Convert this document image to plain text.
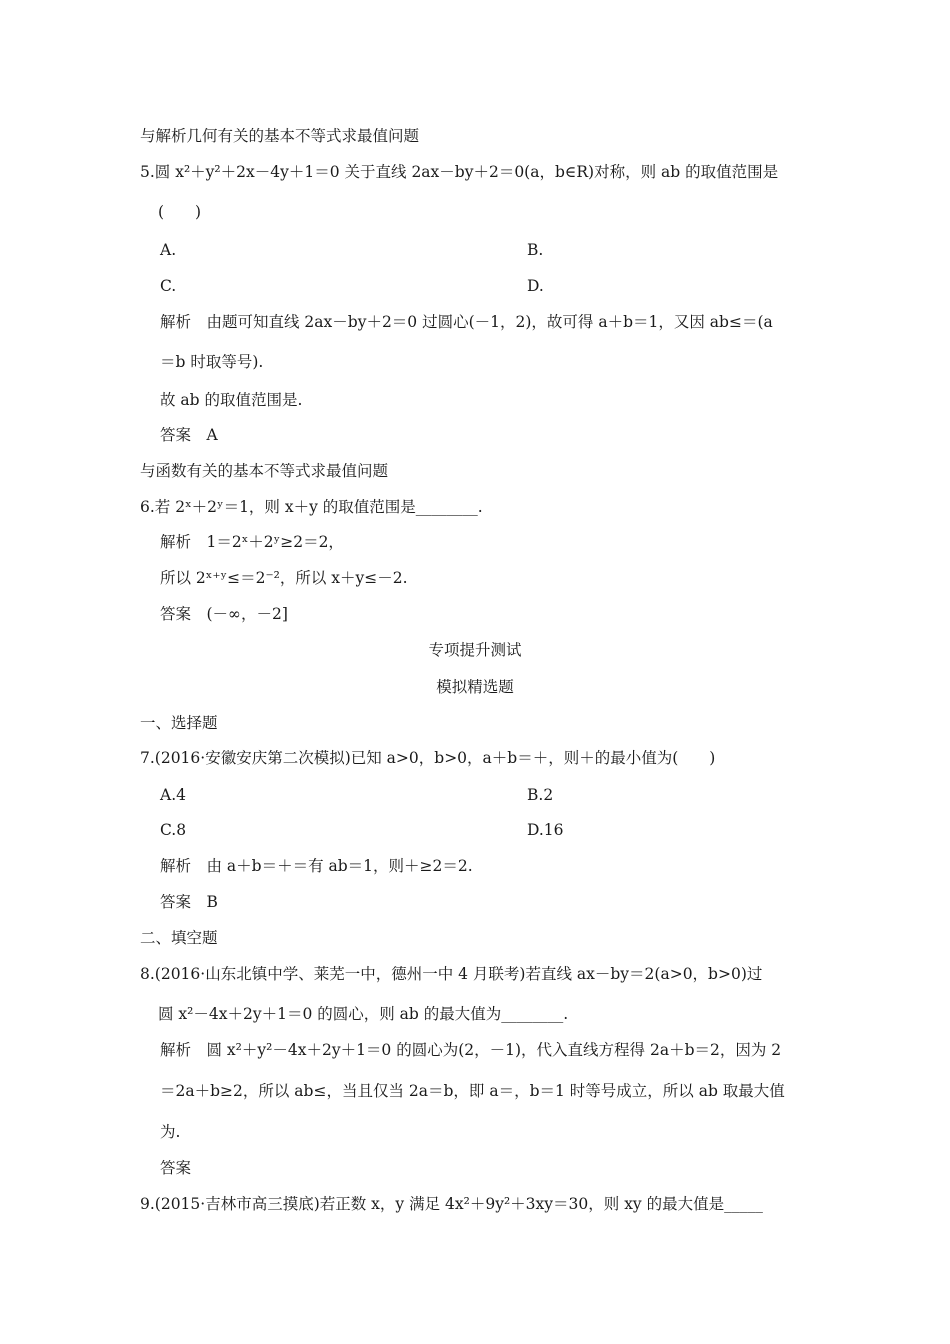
与解析几何有关的基本不等式求最值问题
5.圆 x²＋y²＋2x－4y＋1＝0 关于直线 2ax－by＋2＝0(a，b∈R)对称，则 ab 的取值范围是
(　　)
A.	B.
C.	D.
解析　由题可知直线 2ax－by＋2＝0 过圆心(－1，2)，故可得 a＋b＝1，又因 ab≤＝(a
＝b 时取等号).
故 ab 的取值范围是.
答案　A
与函数有关的基本不等式求最值问题
6.若 2ˣ＋2ʸ＝1，则 x＋y 的取值范围是________.
解析　1＝2ˣ＋2ʸ≥2＝2，
所以 2ˣ⁺ʸ≤＝2⁻²，所以 x＋y≤－2.
答案　(－∞，－2]
专项提升测试
模拟精选题
一、选择题
7.(2016·安徽安庆第二次模拟)已知 a>0，b>0，a＋b＝＋，则＋的最小值为(　　)
A.4	B.2
C.8	D.16
解析　由 a＋b＝＋＝有 ab＝1，则＋≥2＝2.
答案　B
二、填空题
8.(2016·山东北镇中学、莱芜一中，德州一中 4 月联考)若直线 ax－by＝2(a>0，b>0)过
圆 x²－4x＋2y＋1＝0 的圆心，则 ab 的最大值为________.
解析　圆 x²＋y²－4x＋2y＋1＝0 的圆心为(2，－1)，代入直线方程得 2a＋b＝2，因为 2
＝2a＋b≥2，所以 ab≤，当且仅当 2a＝b，即 a＝，b＝1 时等号成立，所以 ab 取最大值
为.
答案
9.(2015·吉林市高三摸底)若正数 x，y 满足 4x²＋9y²＋3xy＝30，则 xy 的最大值是_____
